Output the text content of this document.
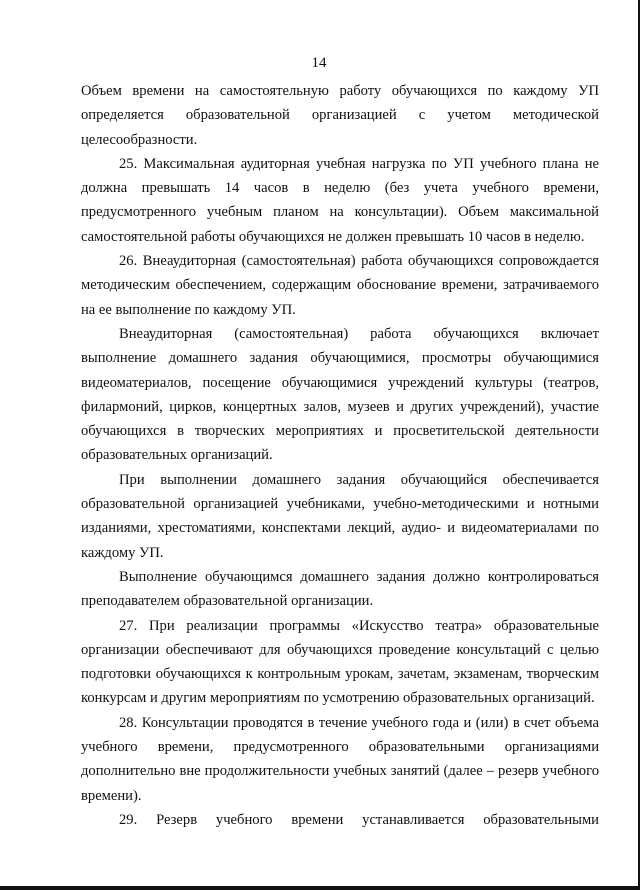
14

Объем времени на самостоятельную работу обучающихся по каждому УП определяется образовательной организацией с учетом методической целесообразности.

25. Максимальная аудиторная учебная нагрузка по УП учебного плана не должна превышать 14 часов в неделю (без учета учебного времени, предусмотренного учебным планом на консультации). Объем максимальной самостоятельной работы обучающихся не должен превышать 10 часов в неделю.

26. Внеаудиторная (самостоятельная) работа обучающихся сопровождается методическим обеспечением, содержащим обоснование времени, затрачиваемого на ее выполнение по каждому УП.

Внеаудиторная (самостоятельная) работа обучающихся включает выполнение домашнего задания обучающимися, просмотры обучающимися видеоматериалов, посещение обучающимися учреждений культуры (театров, филармоний, цирков, концертных залов, музеев и других учреждений), участие обучающихся в творческих мероприятиях и просветительской деятельности образовательных организаций.

При выполнении домашнего задания обучающийся обеспечивается образовательной организацией учебниками, учебно-методическими и нотными изданиями, хрестоматиями, конспектами лекций, аудио- и видеоматериалами по каждому УП.

Выполнение обучающимся домашнего задания должно контролироваться преподавателем образовательной организации.

27. При реализации программы «Искусство театра» образовательные организации обеспечивают для обучающихся проведение консультаций с целью подготовки обучающихся к контрольным урокам, зачетам, экзаменам, творческим конкурсам и другим мероприятиям по усмотрению образовательных организаций.

28. Консультации проводятся в течение учебного года и (или) в счет объема учебного времени, предусмотренного образовательными организациями дополнительно вне продолжительности учебных занятий (далее – резерв учебного времени).

29. Резерв учебного времени устанавливается образовательными
